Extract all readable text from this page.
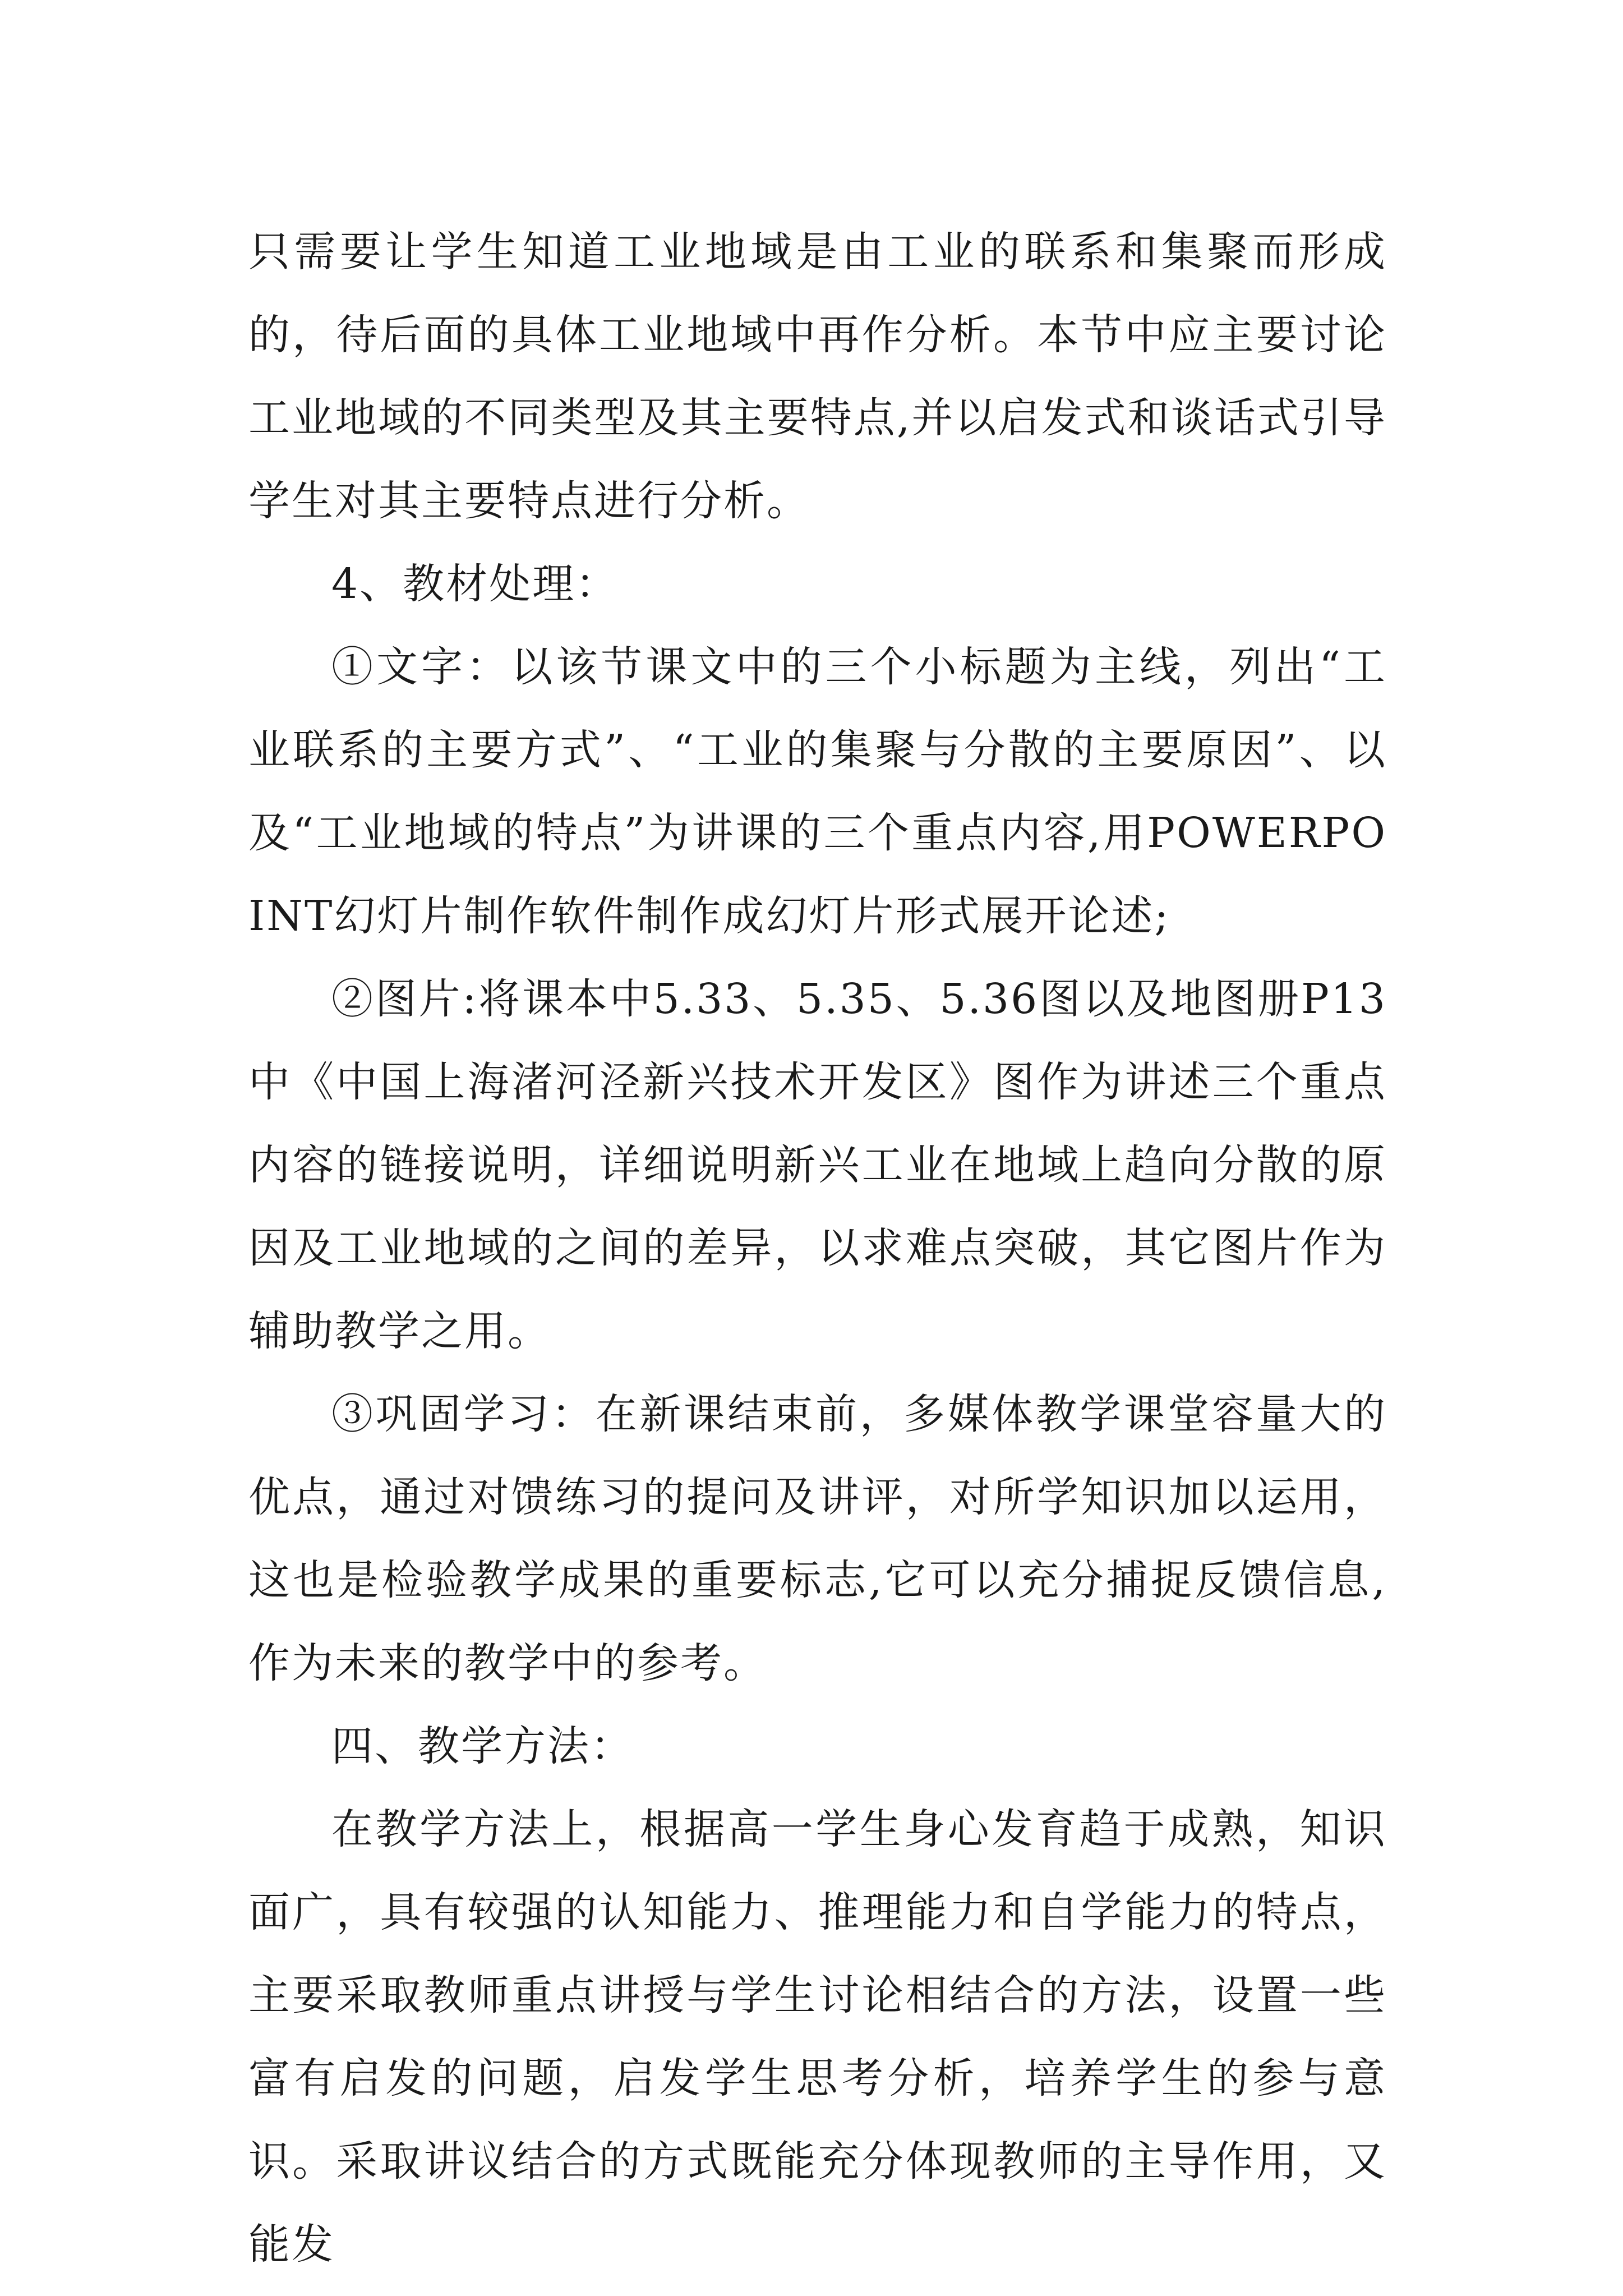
只需要让学生知道工业地域是由工业的联系和集聚而形成的，待后面的具体工业地域中再作分析。本节中应主要讨论工业地域的不同类型及其主要特点,并以启发式和谈话式引导学生对其主要特点进行分析。

4、教材处理：

①文字：以该节课文中的三个小标题为主线，列出“工业联系的主要方式”、“工业的集聚与分散的主要原因”、以及“工业地域的特点”为讲课的三个重点内容,用POWERPOINT幻灯片制作软件制作成幻灯片形式展开论述;

②图片:将课本中5.33、5.35、5.36图以及地图册P13中《中国上海渚河泾新兴技术开发区》图作为讲述三个重点内容的链接说明，详细说明新兴工业在地域上趋向分散的原因及工业地域的之间的差异，以求难点突破，其它图片作为辅助教学之用。

③巩固学习：在新课结束前，多媒体教学课堂容量大的优点，通过对馈练习的提问及讲评，对所学知识加以运用，这也是检验教学成果的重要标志,它可以充分捕捉反馈信息,作为未来的教学中的参考。

四、教学方法：

在教学方法上，根据高一学生身心发育趋于成熟，知识面广，具有较强的认知能力、推理能力和自学能力的特点，主要采取教师重点讲授与学生讨论相结合的方法，设置一些富有启发的问题，启发学生思考分析，培养学生的参与意识。采取讲议结合的方式既能充分体现教师的主导作用，又能发
